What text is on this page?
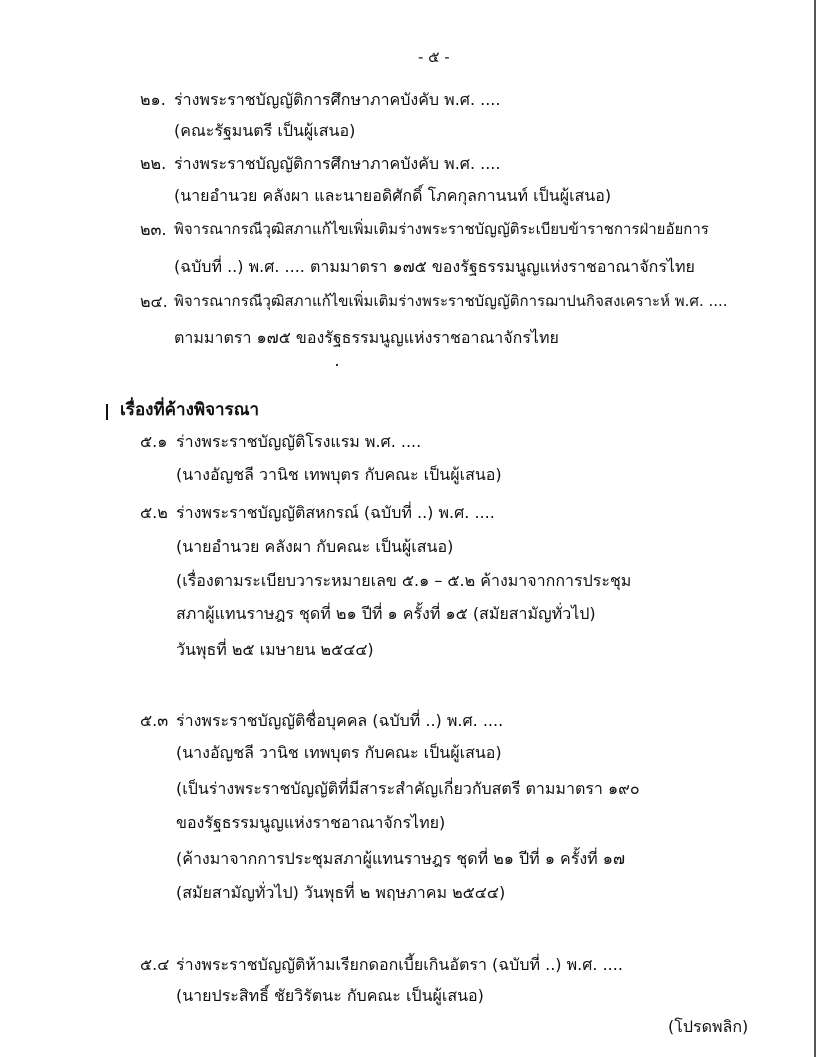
- ๕ -
๒๑. ร่างพระราชบัญญัติการศึกษาภาคบังคับ พ.ศ. ....
(คณะรัฐมนตรี เป็นผู้เสนอ)
๒๒. ร่างพระราชบัญญัติการศึกษาภาคบังคับ พ.ศ. ....
(นายอำนวย คลังผา และนายอดิศักดิ์ โภคกุลกานนท์ เป็นผู้เสนอ)
๒๓. พิจารณากรณีวุฒิสภาแก้ไขเพิ่มเติมร่างพระราชบัญญัติระเบียบข้าราชการฝ่ายอัยการ
(ฉบับที่ ..) พ.ศ. .... ตามมาตรา ๑๗๕ ของรัฐธรรมนูญแห่งราชอาณาจักรไทย
๒๔. พิจารณากรณีวุฒิสภาแก้ไขเพิ่มเติมร่างพระราชบัญญัติการฌาปนกิจสงเคราะห์ พ.ศ. ....
ตามมาตรา ๑๗๕ ของรัฐธรรมนูญแห่งราชอาณาจักรไทย
เรื่องที่ค้างพิจารณา
๕.๑ ร่างพระราชบัญญัติโรงแรม พ.ศ. ....
(นางอัญชลี วานิช เทพบุตร กับคณะ เป็นผู้เสนอ)
๕.๒ ร่างพระราชบัญญัติสหกรณ์ (ฉบับที่ ..) พ.ศ. ....
(นายอำนวย คลังผา กับคณะ เป็นผู้เสนอ)
(เรื่องตามระเบียบวาระหมายเลข ๕.๑ – ๕.๒ ค้างมาจากการประชุม
สภาผู้แทนราษฎร ชุดที่ ๒๑ ปีที่ ๑ ครั้งที่ ๑๕ (สมัยสามัญทั่วไป)
วันพุธที่ ๒๕ เมษายน ๒๕๔๔)
๕.๓ ร่างพระราชบัญญัติชื่อบุคคล (ฉบับที่ ..) พ.ศ. ....
(นางอัญชลี วานิช เทพบุตร กับคณะ เป็นผู้เสนอ)
(เป็นร่างพระราชบัญญัติที่มีสาระสำคัญเกี่ยวกับสตรี ตามมาตรา ๑๙๐
ของรัฐธรรมนูญแห่งราชอาณาจักรไทย)
(ค้างมาจากการประชุมสภาผู้แทนราษฎร ชุดที่ ๒๑ ปีที่ ๑ ครั้งที่ ๑๗
(สมัยสามัญทั่วไป) วันพุธที่ ๒ พฤษภาคม ๒๕๔๔)
๕.๔ ร่างพระราชบัญญัติห้ามเรียกดอกเบี้ยเกินอัตรา (ฉบับที่ ..) พ.ศ. ....
(นายประสิทธิ์ ชัยวิรัตนะ กับคณะ เป็นผู้เสนอ)
(โปรดพลิก)
